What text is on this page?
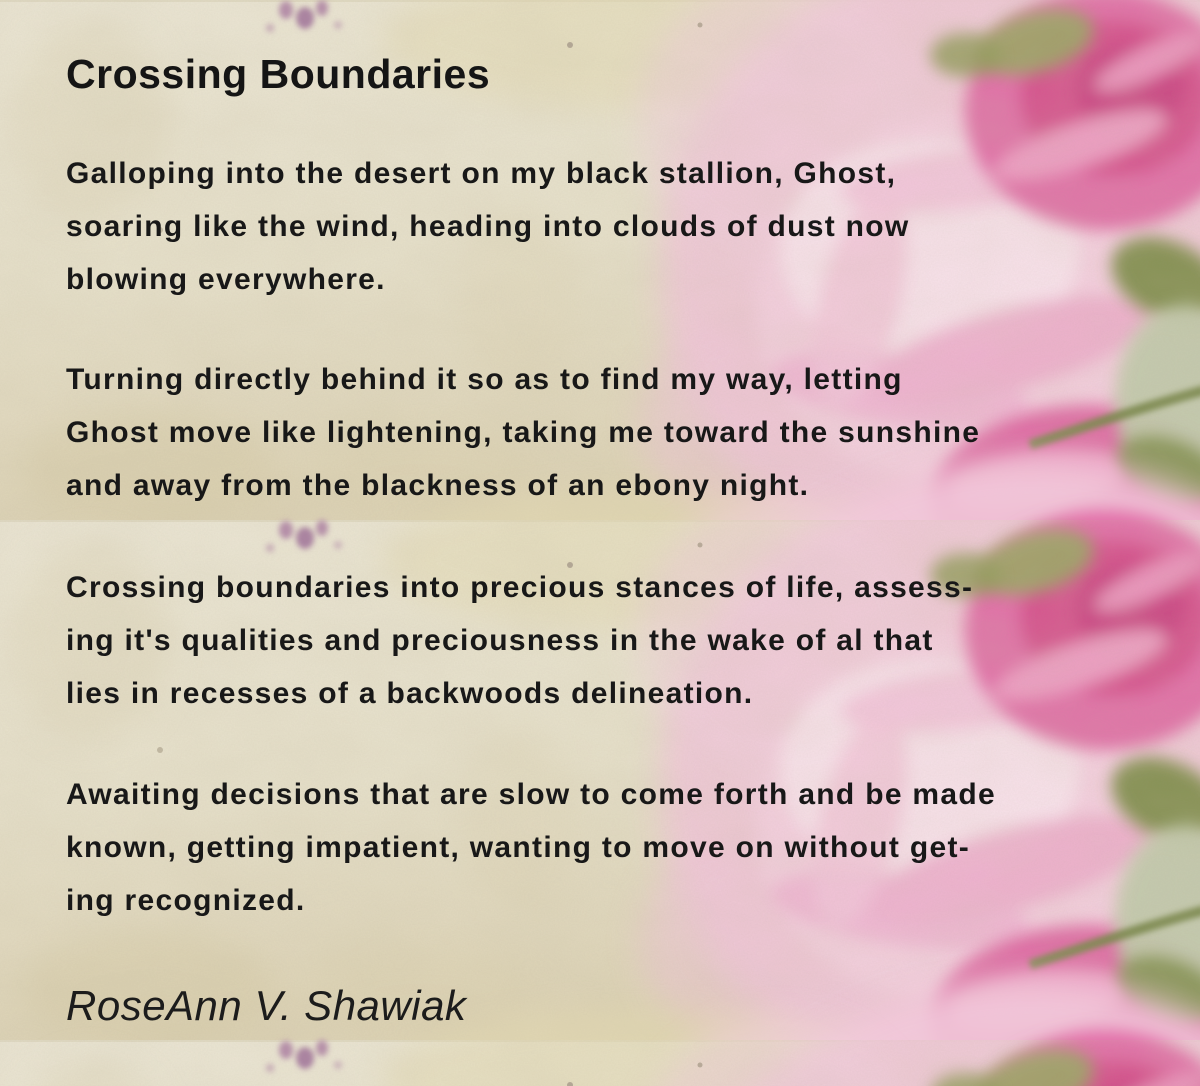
Crossing Boundaries

Galloping into the desert on my black stallion, Ghost,

soaring like the wind, heading into clouds of dust now

blowing everywhere.

Turning directly behind it so as to find my way, letting

Ghost move like lightening, taking me toward the sunshine

and away from the blackness of an ebony night.

Crossing boundaries into precious stances of life, assess-

ing it's qualities and preciousness in the wake of al that

lies in recesses of a backwoods delineation.

Awaiting decisions that are slow to come forth and be made

known, getting impatient, wanting to move on without get-

ing recognized.

RoseAnn V. Shawiak
